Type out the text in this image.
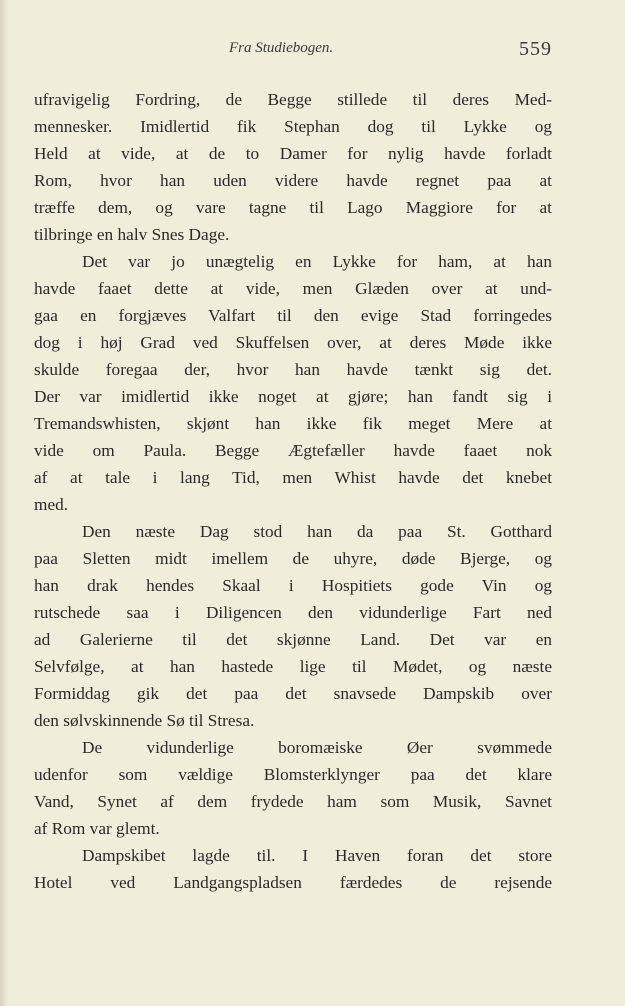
Fra Studiebogen.	559
ufravigelig Fordring, de Begge stillede til deres Med-
mennesker. Imidlertid fik Stephan dog til Lykke og
Held at vide, at de to Damer for nylig havde forladt
Rom, hvor han uden videre havde regnet paa at
træffe dem, og vare tagne til Lago Maggiore for at
tilbringe en halv Snes Dage.
Det var jo unægtelig en Lykke for ham, at han
havde faaet dette at vide, men Glæden over at und-
gaa en forgjæves Valfart til den evige Stad forringedes
dog i høj Grad ved Skuffelsen over, at deres Møde ikke
skulde foregaa der, hvor han havde tænkt sig det.
Der var imidlertid ikke noget at gjøre; han fandt sig i
Tremandswhisten, skjønt han ikke fik meget Mere at
vide om Paula. Begge Ægtefæller havde faaet nok
af at tale i lang Tid, men Whist havde det knebet
med.
Den næste Dag stod han da paa St. Gotthard
paa Sletten midt imellem de uhyre, døde Bjerge, og
han drak hendes Skaal i Hospitiets gode Vin og
rutschede saa i Diligencen den vidunderlige Fart ned
ad Galerierne til det skjønne Land. Det var en
Selvfølge, at han hastede lige til Mødet, og næste
Formiddag gik det paa det snavsede Dampskib over
den sølvskinnende Sø til Stresa.
De vidunderlige boromæiske Øer svømmede
udenfor som vældige Blomsterklynger paa det klare
Vand, Synet af dem frydede ham som Musik, Savnet
af Rom var glemt.
Dampskibet lagde til. I Haven foran det store
Hotel ved Landgangspladsen færdedes de rejsende
